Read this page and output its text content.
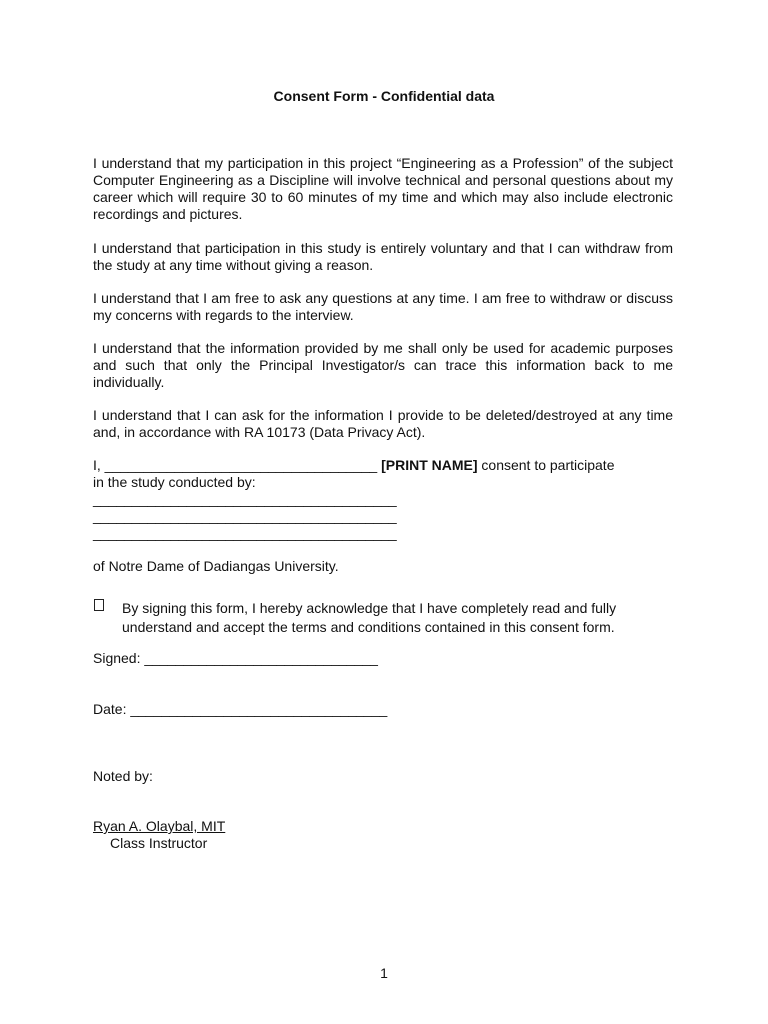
Consent Form - Confidential data

I understand that my participation in this project “Engineering as a Profession” of the subject Computer Engineering as a Discipline will involve technical and personal questions about my career which will require 30 to 60 minutes of my time and which may also include electronic recordings and pictures.

I understand that participation in this study is entirely voluntary and that I can withdraw from the study at any time without giving a reason.

I understand that I am free to ask any questions at any time. I am free to withdraw or discuss my concerns with regards to the interview.

I understand that the information provided by me shall only be used for academic purposes and such that only the Principal Investigator/s can trace this information back to me individually.

I understand that I can ask for the information I provide to be deleted/destroyed at any time and, in accordance with RA 10173 (Data Privacy Act).

I, ___________________________________ [PRINT NAME] consent to participate
in the study conducted by:
_______________________________________
_______________________________________
_______________________________________
of Notre Dame of Dadiangas University.
By signing this form, I hereby acknowledge that I have completely read and fully
understand and accept the terms and conditions contained in this consent form.
Signed: ______________________________
Date: _________________________________
Noted by:
Ryan A. Olaybal, MIT
Class Instructor
1
